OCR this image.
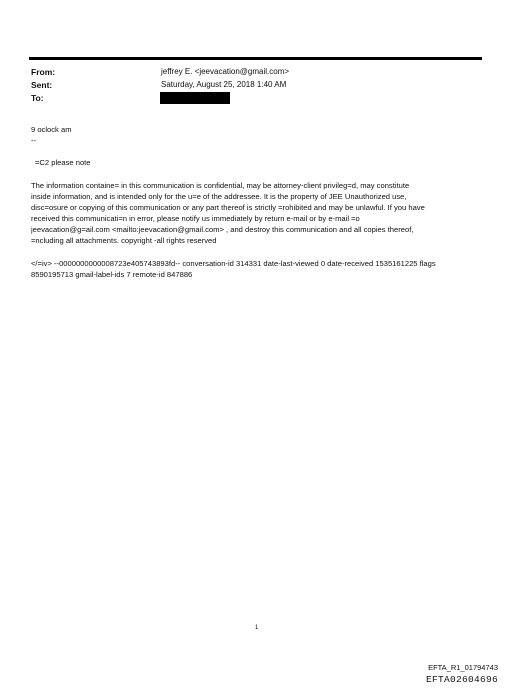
From:	jeffrey E. <jeevacation@gmail.com>
Sent:	Saturday, August 25, 2018 1:40 AM
To:
9 oclock am
--
=C2 please note
The information containe= in this communication is confidential, may be attorney-client privileg=d, may constitute
inside information, and is intended only for the u=e of the addressee. It is the property of JEE Unauthorized use,
disc=osure or copying of this communication or any part thereof is strictly =rohibited and may be unlawful. If you have
received this communicati=n in error, please notify us immediately by return e-mail or by e-mail =o
jeevacation@g=ail.com <mailto:jeevacation@gmail.com> , and destroy this communication and all copies thereof,
=ncluding all attachments. copyright -all rights reserved
</=iv> --0000000000008723e405743893fd-- conversation-id 314331 date-last-viewed 0 date-received 1535161225 flags
8590195713 gmail-label-ids 7 remote-id 847886
1
EFTA_R1_01794743
EFTA02604696
